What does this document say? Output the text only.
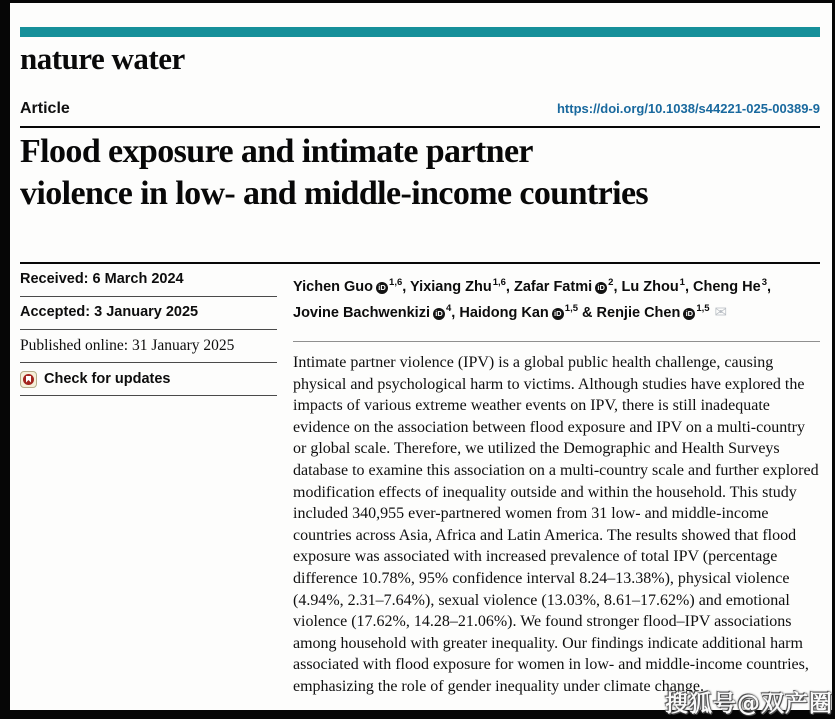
nature water
Article	https://doi.org/10.1038/s44221-025-00389-9
Flood exposure and intimate partner
violence in low- and middle-income countries
Received: 6 March 2024
Accepted: 3 January 2025
Published online: 31 January 2025
Check for updates
Yichen Guo iD $^{1,6}$, Yixiang Zhu$^{1,6}$, Zafar Fatmi iD $^2$, Lu Zhou$^1$, Cheng He$^3$, Jovine Bachwenkizi iD $^4$, Haidong Kan iD $^{1,5}$ & Renjie Chen iD $^{1,5}$ ✉
Intimate partner violence (IPV) is a global public health challenge, causing physical and psychological harm to victims. Although studies have explored the impacts of various extreme weather events on IPV, there is still inadequate evidence on the association between flood exposure and IPV on a multi-country or global scale. Therefore, we utilized the Demographic and Health Surveys database to examine this association on a multi-country scale and further explored modification effects of inequality outside and within the household. This study included 340,955 ever-partnered women from 31 low- and middle-income countries across Asia, Africa and Latin America. The results showed that flood exposure was associated with increased prevalence of total IPV (percentage difference 10.78%, 95% confidence interval 8.24–13.38%), physical violence (4.94%, 2.31–7.64%), sexual violence (13.03%, 8.61–17.62%) and emotional violence (17.62%, 14.28–21.06%). We found stronger flood–IPV associations among household with greater inequality. Our findings indicate additional harm associated with flood exposure for women in low- and middle-income countries, emphasizing the role of gender inequality under climate change.
搜狐号@双产圈
